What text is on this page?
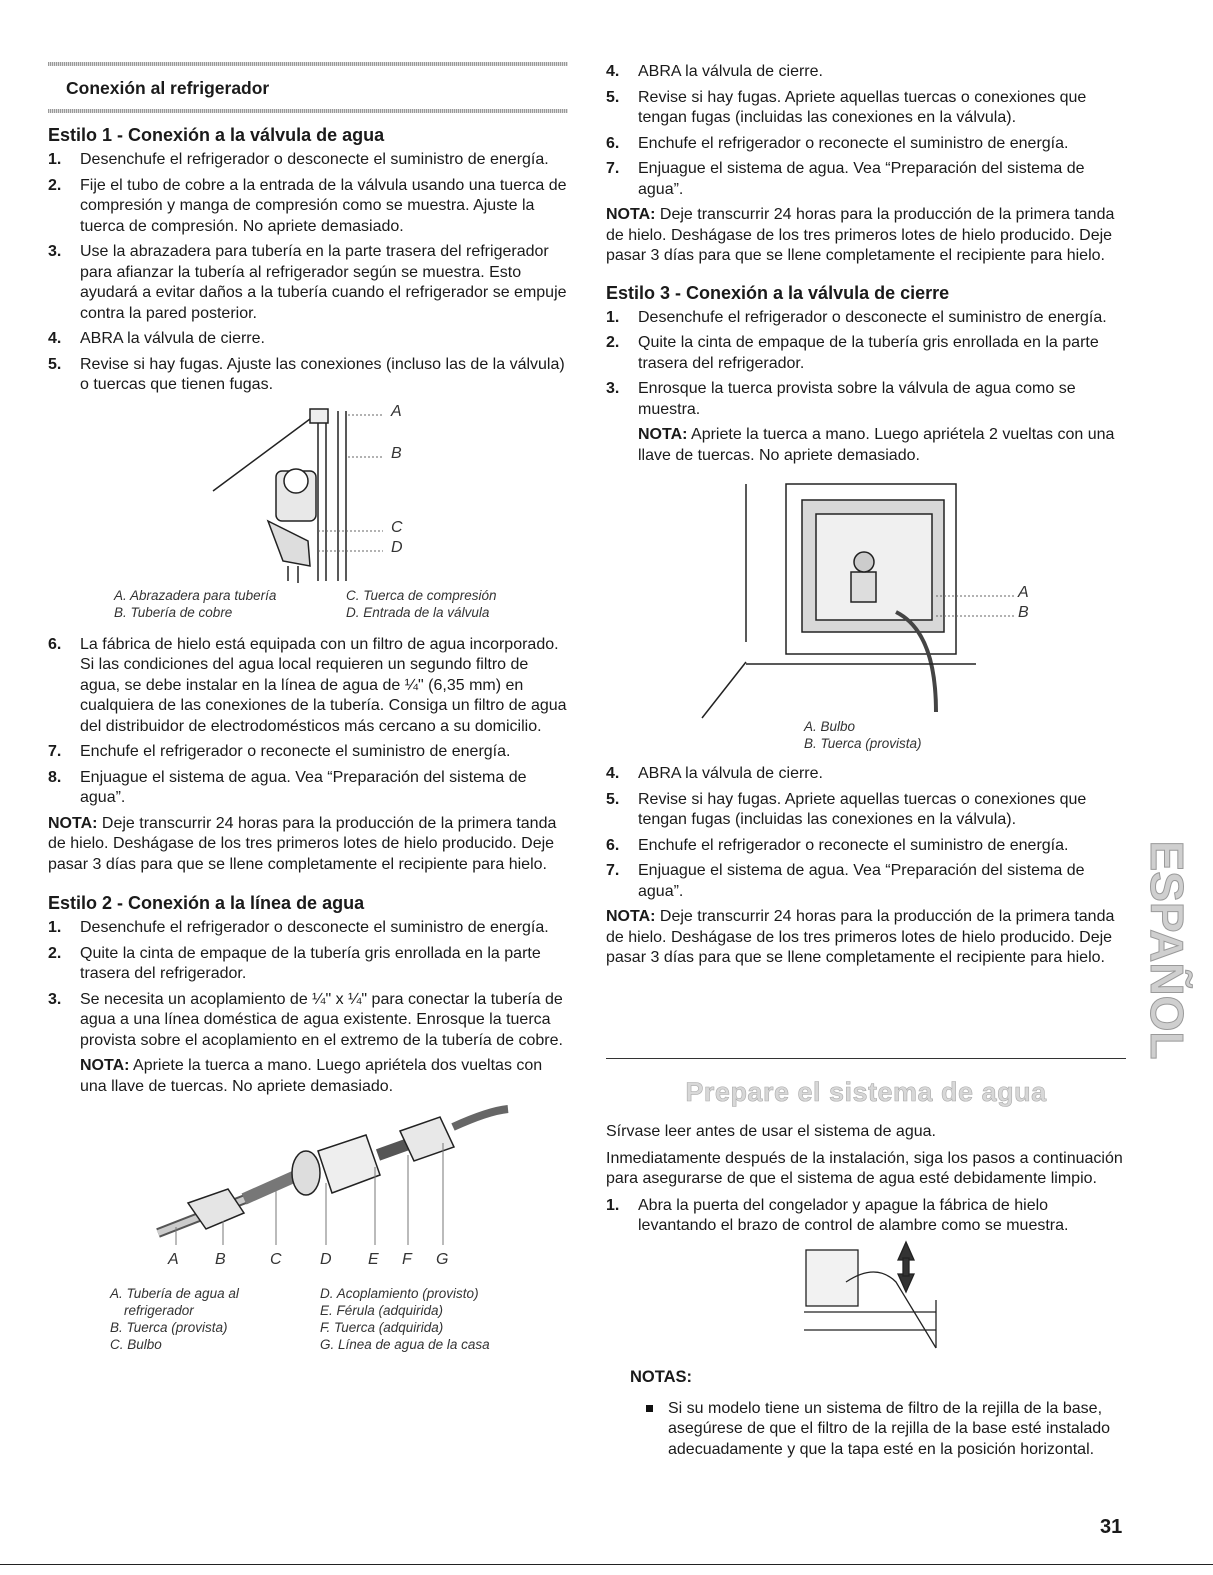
Conexión al refrigerador
Estilo 1 - Conexión a la válvula de agua
1. Desenchufe el refrigerador o desconecte el suministro de energía.
2. Fije el tubo de cobre a la entrada de la válvula usando una tuerca de compresión y manga de compresión como se muestra. Ajuste la tuerca de compresión. No apriete demasiado.
3. Use la abrazadera para tubería en la parte trasera del refrigerador para afianzar la tubería al refrigerador según se muestra. Esto ayudará a evitar daños a la tubería cuando el refrigerador se empuje contra la pared posterior.
4. ABRA la válvula de cierre.
5. Revise si hay fugas. Ajuste las conexiones (incluso las de la válvula) o tuercas que tienen fugas.
A
B
C
D
A. Abrazadera para tubería	C. Tuerca de compresión
B. Tubería de cobre	D. Entrada de la válvula
6. La fábrica de hielo está equipada con un filtro de agua incorporado. Si las condiciones del agua local requieren un segundo filtro de agua, se debe instalar en la línea de agua de ¼" (6,35 mm) en cualquiera de las conexiones de la tubería. Consiga un filtro de agua del distribuidor de electrodomésticos más cercano a su domicilio.
7. Enchufe el refrigerador o reconecte el suministro de energía.
8. Enjuague el sistema de agua. Vea “Preparación del sistema de agua”.

NOTA: Deje transcurrir 24 horas para la producción de la primera tanda de hielo. Deshágase de los tres primeros lotes de hielo producido. Deje pasar 3 días para que se llene completamente el recipiente para hielo.

Estilo 2 - Conexión a la línea de agua
1. Desenchufe el refrigerador o desconecte el suministro de energía.
2. Quite la cinta de empaque de la tubería gris enrollada en la parte trasera del refrigerador.
3. Se necesita un acoplamiento de ¼" x ¼" para conectar la tubería de agua a una línea doméstica de agua existente. Enrosque la tuerca provista sobre el acoplamiento en el extremo de la tubería de cobre.

NOTA: Apriete la tuerca a mano. Luego apriétela dos vueltas con una llave de tuercas. No apriete demasiado.

A B	C D E F G
A. Tubería de agua al
refrigerador
B. Tuerca (provista)
C. Bulbo
D. Acoplamiento (provisto)
E. Férula (adquirida)
F. Tuerca (adquirida)
G. Línea de agua de la casa
4. ABRA la válvula de cierre.
5. Revise si hay fugas. Apriete aquellas tuercas o conexiones que tengan fugas (incluidas las conexiones en la válvula).
6. Enchufe el refrigerador o reconecte el suministro de energía.
7. Enjuague el sistema de agua. Vea “Preparación del sistema de agua”.

NOTA: Deje transcurrir 24 horas para la producción de la primera tanda de hielo. Deshágase de los tres primeros lotes de hielo producido. Deje pasar 3 días para que se llene completamente el recipiente para hielo.

Estilo 3 - Conexión a la válvula de cierre
1. Desenchufe el refrigerador o desconecte el suministro de energía.
2. Quite la cinta de empaque de la tubería gris enrollada en la parte trasera del refrigerador.
3. Enrosque la tuerca provista sobre la válvula de agua como se muestra.

NOTA: Apriete la tuerca a mano. Luego apriétela 2 vueltas con una llave de tuercas. No apriete demasiado.

A
B
A. Bulbo
B. Tuerca (provista)
4. ABRA la válvula de cierre.
5. Revise si hay fugas. Apriete aquellas tuercas o conexiones que tengan fugas (incluidas las conexiones en la válvula).
6. Enchufe el refrigerador o reconecte el suministro de energía.
7. Enjuague el sistema de agua. Vea “Preparación del sistema de agua”.

NOTA: Deje transcurrir 24 horas para la producción de la primera tanda de hielo. Deshágase de los tres primeros lotes de hielo producido. Deje pasar 3 días para que se llene completamente el recipiente para hielo.

Prepare el sistema de agua

Sírvase leer antes de usar el sistema de agua.

Inmediatamente después de la instalación, siga los pasos a continuación para asegurarse de que el sistema de agua esté debidamente limpio.

1. Abra la puerta del congelador y apague la fábrica de hielo levantando el brazo de control de alambre como se muestra.
NOTAS:
Si su modelo tiene un sistema de filtro de la rejilla de la base, asegúrese de que el filtro de la rejilla de la base esté instalado adecuadamente y que la tapa esté en la posición horizontal.
ESPAÑOL
31
